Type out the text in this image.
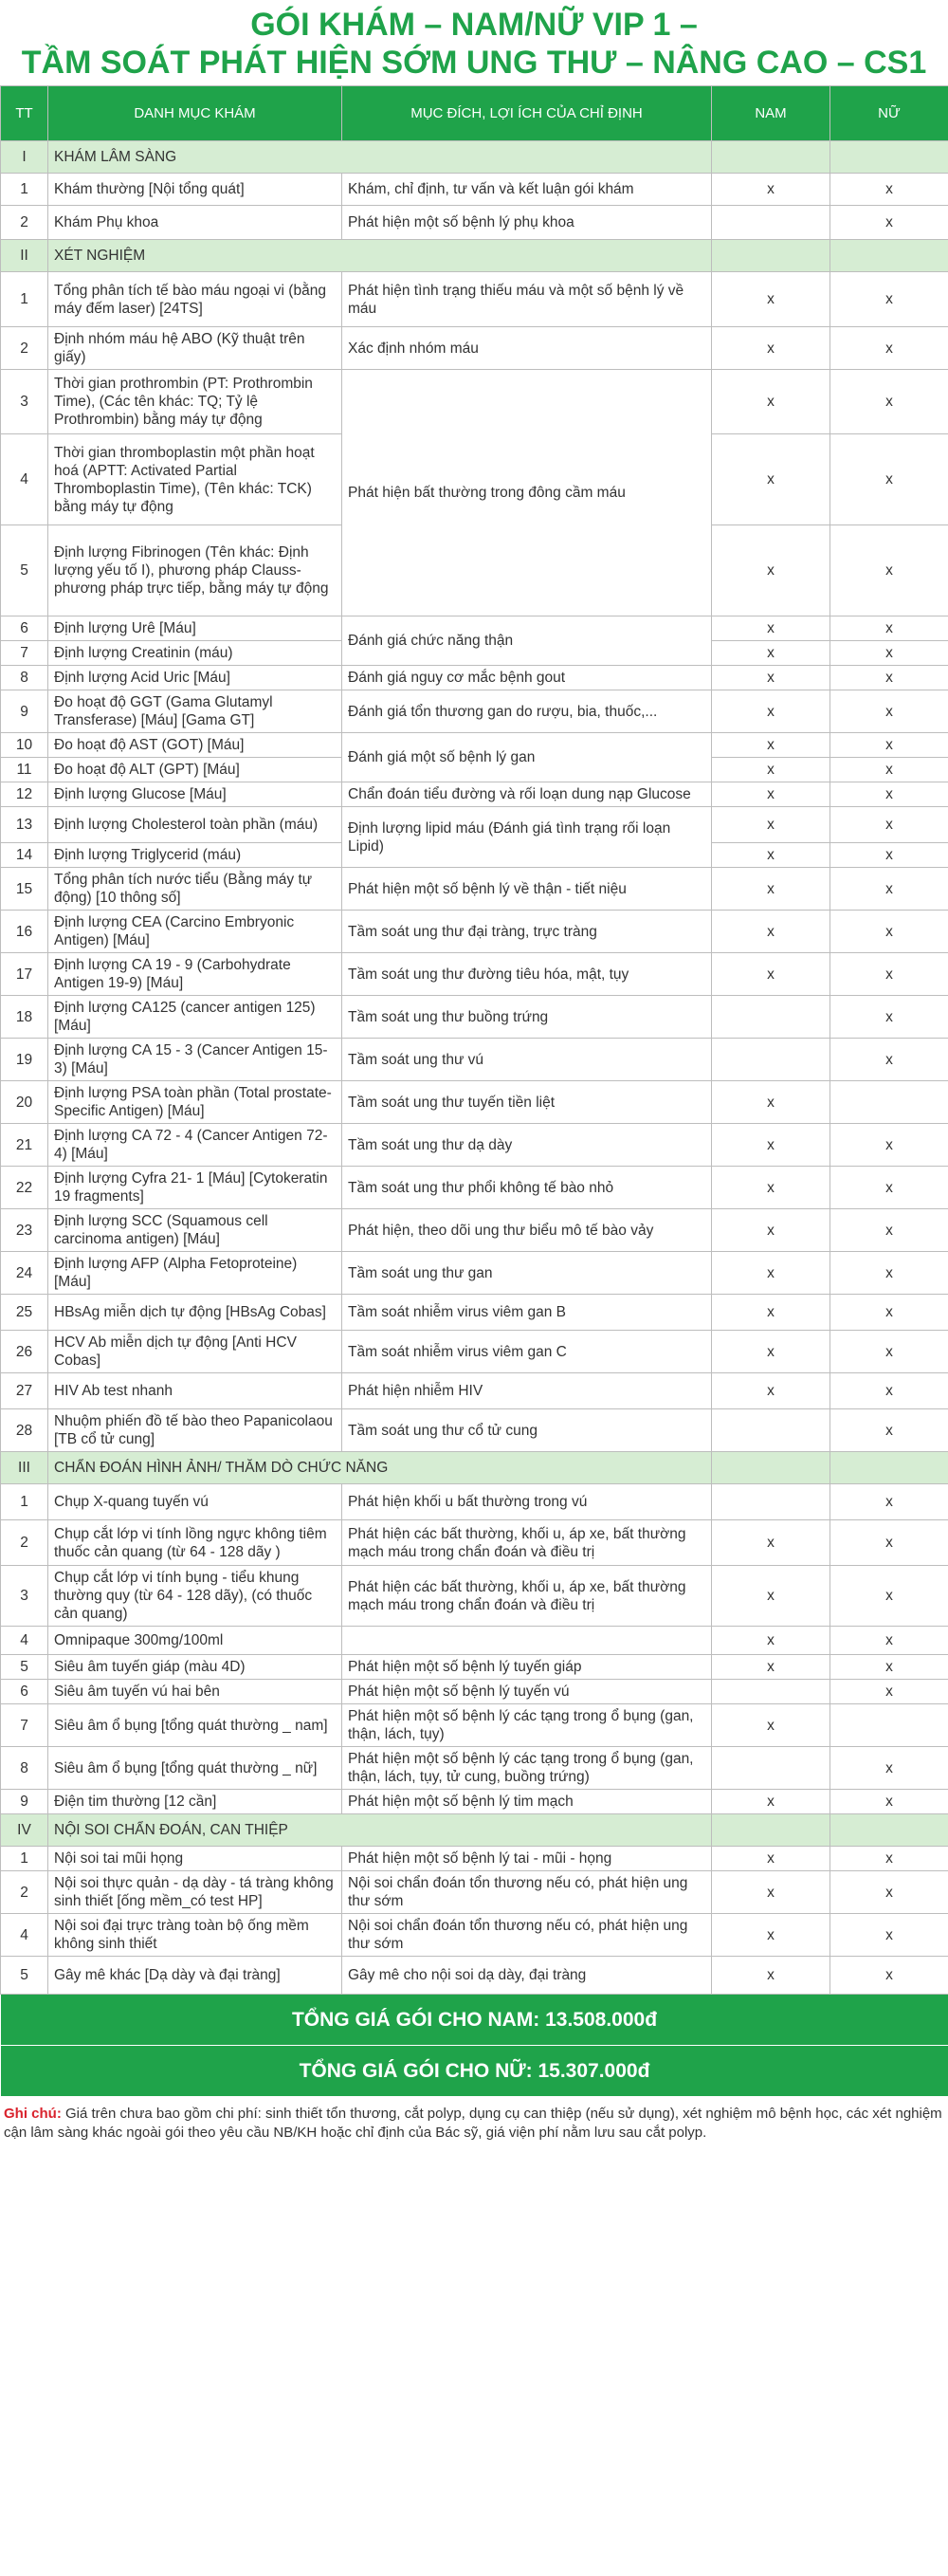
GÓI KHÁM – NAM/NỮ VIP 1 –
TẦM SOÁT PHÁT HIỆN SỚM UNG THƯ – NÂNG CAO – CS1
TT	DANH MỤC KHÁM	MỤC ĐÍCH, LỢI ÍCH CỦA CHỈ ĐỊNH	NAM	NỮ
I	KHÁM LÂM SÀNG			
1	Khám thường [Nội tổng quát]	Khám, chỉ định, tư vấn và kết luận gói khám	x	x
2	Khám Phụ khoa	Phát hiện một số bệnh lý phụ khoa		x
II	XÉT NGHIỆM			
1	Tổng phân tích tế bào máu ngoại vi (bằng máy đếm laser) [24TS]	Phát hiện tình trạng thiếu máu và một số bệnh lý về máu	x	x
2	Định nhóm máu hệ ABO (Kỹ thuật trên giấy)	Xác định nhóm máu	x	x
3	Thời gian prothrombin (PT: Prothrombin Time), (Các tên khác: TQ; Tỷ lệ Prothrombin) bằng máy tự động	Phát hiện bất thường trong đông cầm máu	x	x
4	Thời gian thromboplastin một phần hoạt hoá (APTT: Activated Partial Thromboplastin Time), (Tên khác: TCK) bằng máy tự động		x	x
5	Định lượng Fibrinogen (Tên khác: Định lượng yếu tố I), phương pháp Clauss-phương pháp trực tiếp, bằng máy tự động		x	x
6	Định lượng Urê [Máu]	Đánh giá chức năng thận	x	x
7	Định lượng Creatinin (máu)		x	x
8	Định lượng Acid Uric [Máu]	Đánh giá nguy cơ mắc bệnh gout	x	x
9	Đo hoạt độ GGT (Gama Glutamyl Transferase) [Máu] [Gama GT]	Đánh giá tổn thương gan do rượu, bia, thuốc,...	x	x
10	Đo hoạt độ AST (GOT) [Máu]	Đánh giá một số bệnh lý gan	x	x
11	Đo hoạt độ ALT (GPT) [Máu]		x	x
12	Định lượng Glucose [Máu]	Chẩn đoán tiểu đường và rối loạn dung nạp Glucose	x	x
13	Định lượng Cholesterol toàn phần (máu)	Định lượng lipid máu (Đánh giá tình trạng rối loạn Lipid)	x	x
14	Định lượng Triglycerid (máu)		x	x
15	Tổng phân tích nước tiểu (Bằng máy tự động) [10 thông số]	Phát hiện một số bệnh lý về thận - tiết niệu	x	x
16	Định lượng CEA (Carcino Embryonic Antigen) [Máu]	Tầm soát ung thư đại tràng, trực tràng	x	x
17	Định lượng CA 19 - 9 (Carbohydrate Antigen 19-9) [Máu]	Tầm soát ung thư đường tiêu hóa, mật, tụy	x	x
18	Định lượng CA125 (cancer antigen 125) [Máu]	Tầm soát ung thư buồng trứng		x
19	Định lượng CA 15 - 3 (Cancer Antigen 15- 3) [Máu]	Tầm soát ung thư vú		x
20	Định lượng PSA toàn phần (Total prostate-Specific Antigen) [Máu]	Tầm soát ung thư tuyến tiền liệt	x	
21	Định lượng CA 72 - 4 (Cancer Antigen 72- 4) [Máu]	Tầm soát ung thư dạ dày	x	x
22	Định lượng Cyfra 21- 1 [Máu] [Cytokeratin 19 fragments]	Tầm soát ung thư phổi không tế bào nhỏ	x	x
23	Định lượng SCC (Squamous cell carcinoma antigen) [Máu]	Phát hiện, theo dõi ung thư biểu mô tế bào vảy	x	x
24	Định lượng AFP (Alpha Fetoproteine) [Máu]	Tầm soát ung thư gan	x	x
25	HBsAg miễn dịch tự động [HBsAg Cobas]	Tầm soát nhiễm virus viêm gan B	x	x
26	HCV Ab miễn dịch tự động [Anti HCV Cobas]	Tầm soát nhiễm virus viêm gan C	x	x
27	HIV Ab test nhanh	Phát hiện nhiễm HIV	x	x
28	Nhuộm phiến đồ tế bào theo Papanicolaou [TB cổ tử cung]	Tầm soát ung thư cổ tử cung		x
III	CHẨN ĐOÁN HÌNH ẢNH/ THĂM DÒ CHỨC NĂNG			
1	Chụp X-quang tuyến vú	Phát hiện khối u bất thường trong vú		x
2	Chụp cắt lớp vi tính lồng ngực không tiêm thuốc cản quang (từ 64 - 128 dãy )	Phát hiện các bất thường, khối u, áp xe, bất thường mạch máu trong chẩn đoán và điều trị	x	x
3	Chụp cắt lớp vi tính bụng - tiểu khung thường quy (từ 64 - 128 dãy), (có thuốc cản quang)	Phát hiện các bất thường, khối u, áp xe, bất thường mạch máu trong chẩn đoán và điều trị	x	x
4	Omnipaque 300mg/100ml		x	x
5	Siêu âm tuyến giáp (màu 4D)	Phát hiện một số bệnh lý tuyến giáp	x	x
6	Siêu âm tuyến vú hai bên	Phát hiện một số bệnh lý tuyến vú		x
7	Siêu âm ổ bụng [tổng quát thường _ nam]	Phát hiện một số bệnh lý các tạng trong ổ bụng (gan, thận, lách, tụy)	x	
8	Siêu âm ổ bụng [tổng quát thường _ nữ]	Phát hiện một số bệnh lý các tạng trong ổ bụng (gan, thận, lách, tụy, tử cung, buồng trứng)		x
9	Điện tim thường [12 cần]	Phát hiện một số bệnh lý tim mạch	x	x
IV	NỘI SOI CHẨN ĐOÁN, CAN THIỆP			
1	Nội soi tai mũi họng	Phát hiện một số bệnh lý tai - mũi - họng	x	x
2	Nội soi thực quản - dạ dày - tá tràng không sinh thiết [ống mềm_có test HP]	Nội soi chẩn đoán tổn thương nếu có, phát hiện ung thư sớm	x	x
4	Nội soi đại trực tràng toàn bộ ống mềm không sinh thiết	Nội soi chẩn đoán tổn thương nếu có, phát hiện ung thư sớm	x	x
5	Gây mê khác [Dạ dày và đại tràng]	Gây mê cho nội soi dạ dày, đại tràng	x	x
TỔNG GIÁ GÓI CHO NAM: 13.508.000đ				
TỔNG GIÁ GÓI CHO NỮ: 15.307.000đ				
Ghi chú: Giá trên chưa bao gồm chi phí: sinh thiết tổn thương, cắt polyp, dụng cụ can thiệp (nếu sử dụng), xét nghiệm mô bệnh học, các xét nghiệm cận lâm sàng khác ngoài gói theo yêu cầu NB/KH hoặc chỉ định của Bác sỹ, giá viện phí nằm lưu sau cắt polyp.
